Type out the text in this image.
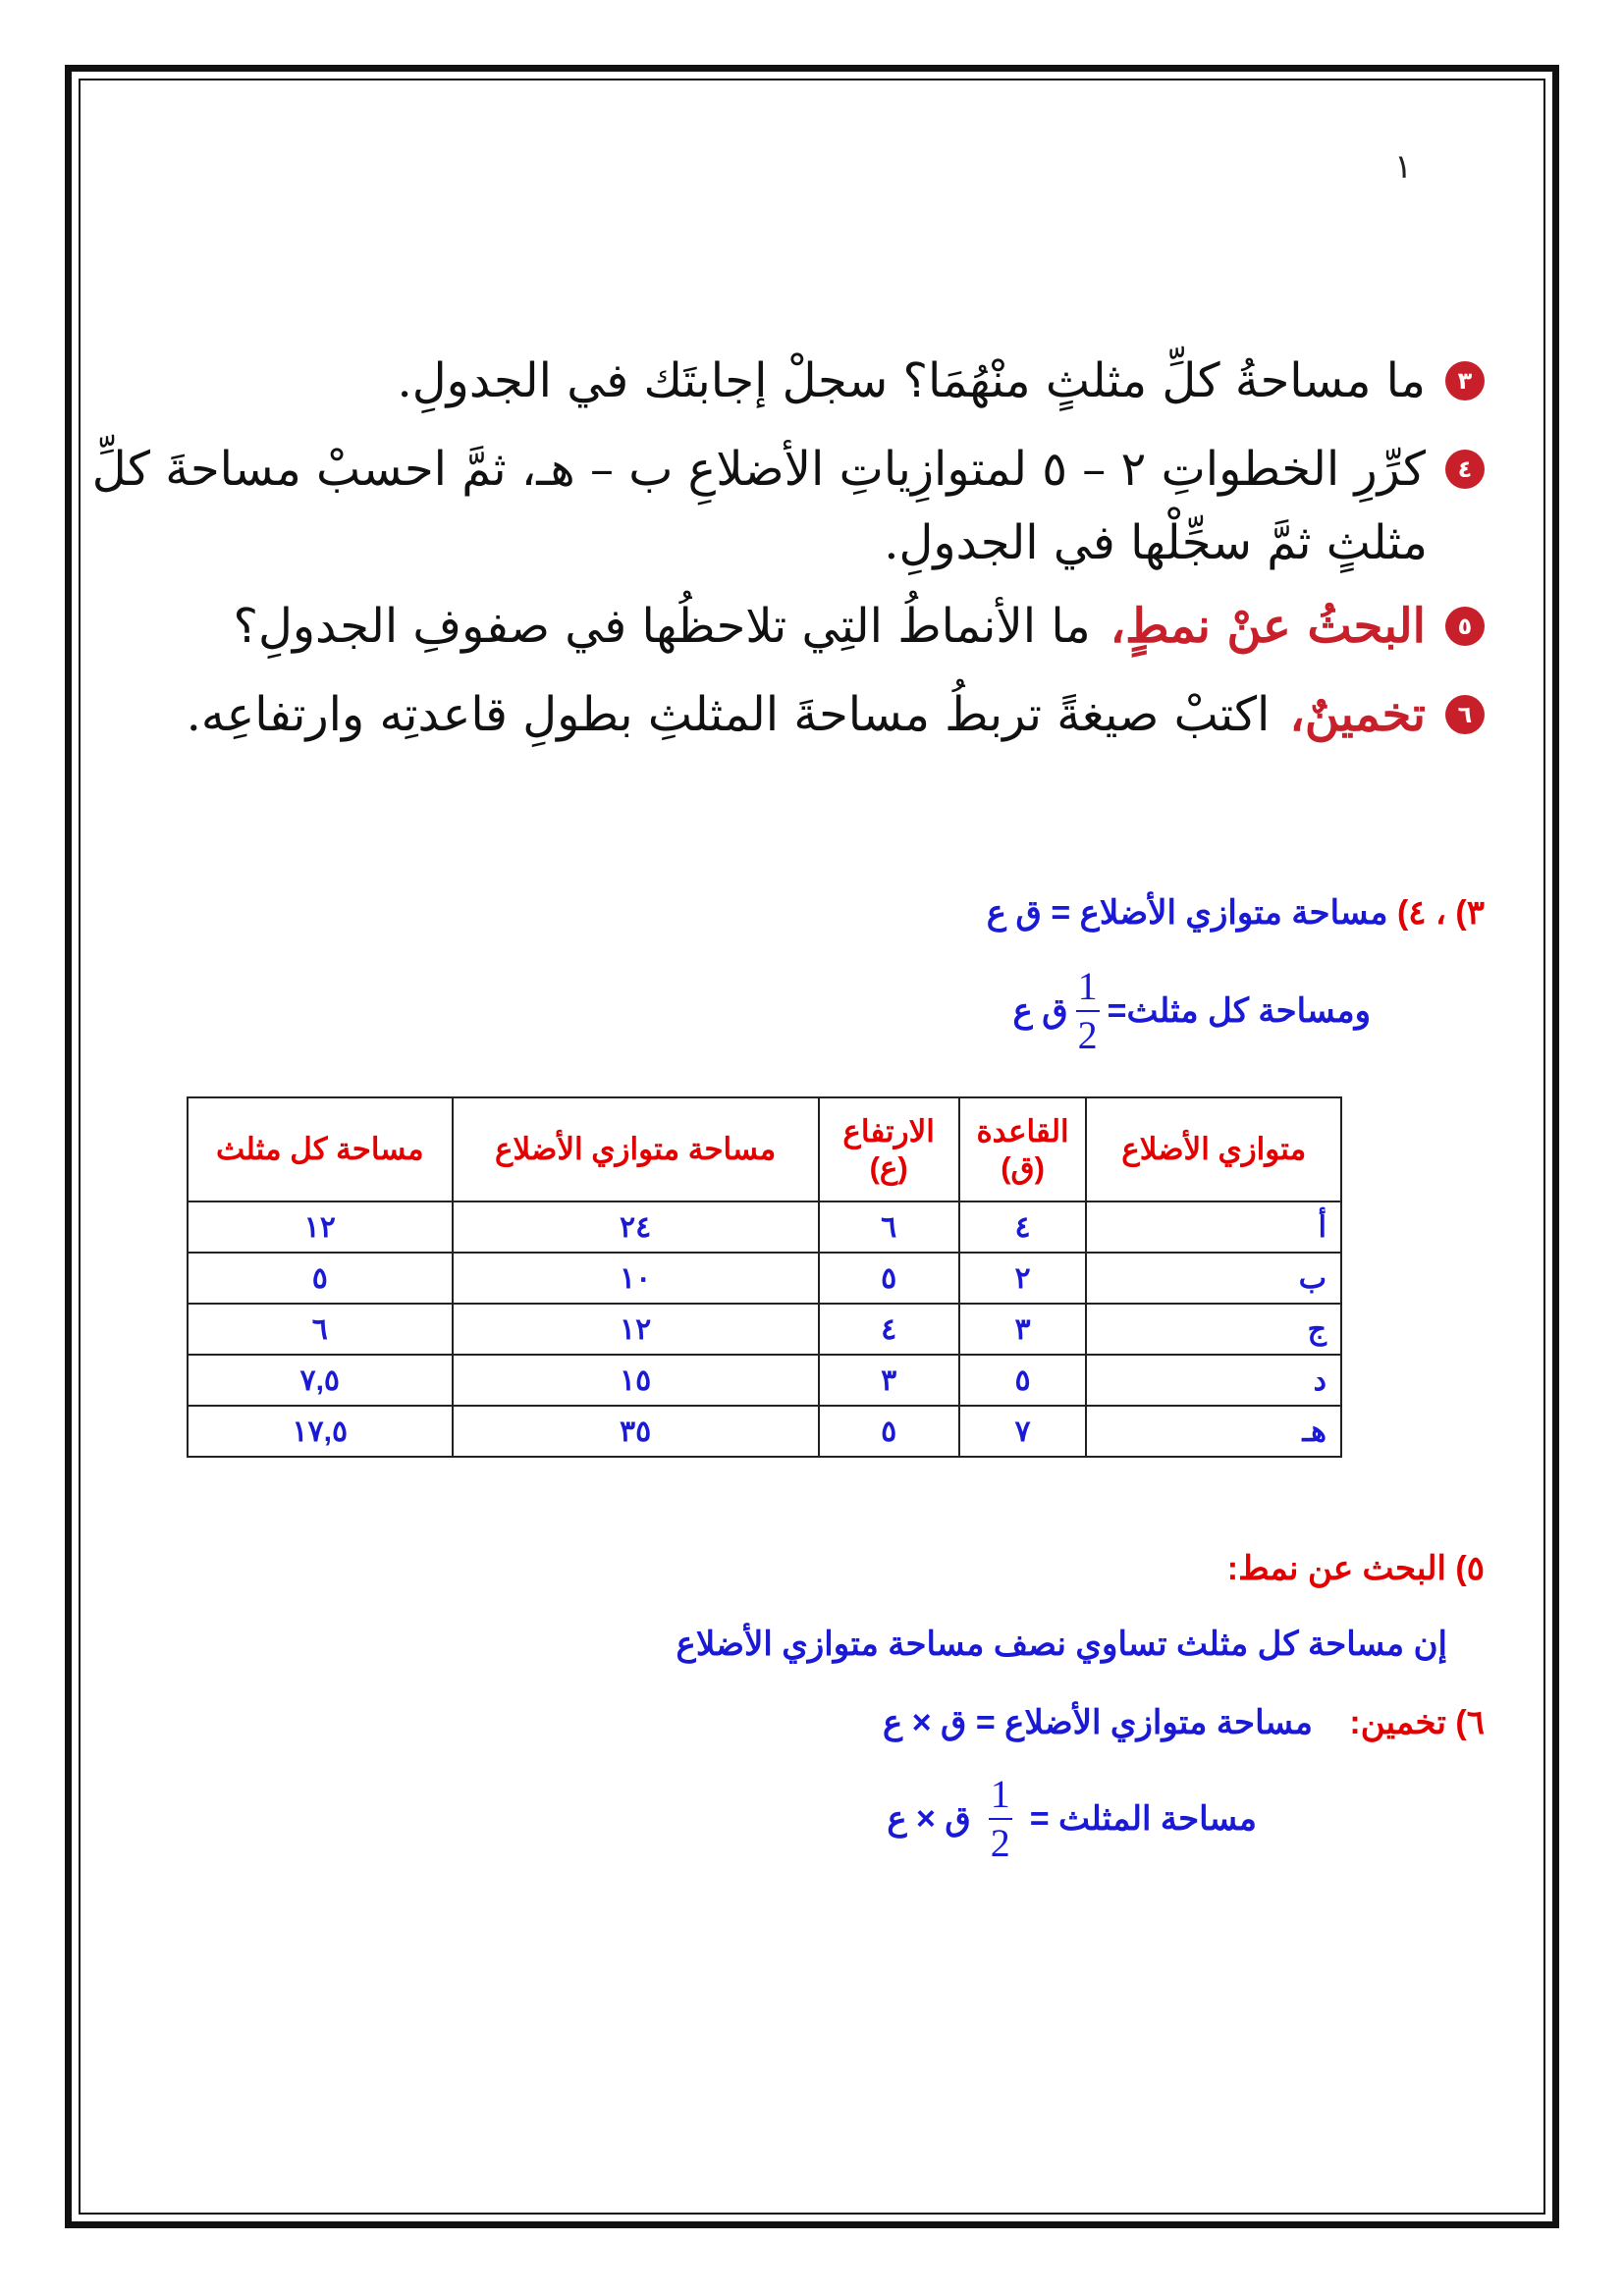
١
٣
ما مساحةُ كلِّ مثلثٍ منْهُمَا؟ سجلْ إجابتَك في الجدولِ.
٤
كرِّرِ الخطواتِ ٢ – ٥ لمتوازِياتِ الأضلاعِ ب – هـ، ثمَّ احسبْ مساحةَ كلِّ
مثلثٍ ثمَّ سجِّلْها في الجدولِ.
٥
البحثُ عنْ نمطٍ،
ما الأنماطُ التِي تلاحظُها في صفوفِ الجدولِ؟
٦
تخمينٌ،
اكتبْ صيغةً تربطُ مساحةَ المثلثِ بطولِ قاعدتِه وارتفاعِه.
٣) ، ٤) مساحة متوازي الأضلاع = ق ع
ومساحة كل مثلث=
$\frac{1}{2}$
ق ع
متوازي الأضلاع	القاعدة (ق)	الارتفاع (ع)	مساحة متوازي الأضلاع	مساحة كل مثلث
أ	٤	٦	٢٤	١٢
ب	٢	٥	١٠	٥
ج	٣	٤	١٢	٦
د	٥	٣	١٥	٧,٥
هـ	٧	٥	٣٥	١٧,٥
٥) البحث عن نمط:
إن مساحة كل مثلث تساوي نصف مساحة متوازي الأضلاع
٦) تخمين: مساحة متوازي الأضلاع = ق × ع
مساحة المثلث =
$\frac{1}{2}$
ق × ع
